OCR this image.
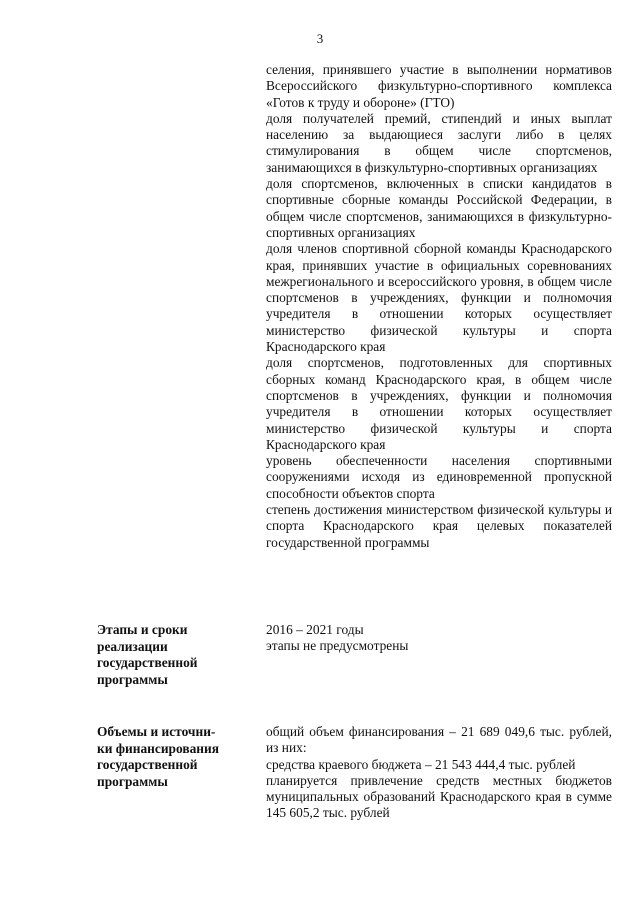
3

селения, принявшего участие в выполнении нормативов Всероссийского физкультурно-спортивного комплекса «Готов к труду и обороне» (ГТО)

доля получателей премий, стипендий и иных выплат населению за выдающиеся заслуги либо в целях стимулирования в общем числе спортсменов, занимающихся в физкультурно-спортивных организациях

доля спортсменов, включенных в списки кандидатов в спортивные сборные команды Российской Федерации, в общем числе спортсменов, занимающихся в физкультурно-спортивных организациях

доля членов спортивной сборной команды Краснодарского края, принявших участие в официальных соревнованиях межрегионального и всероссийского уровня, в общем числе спортсменов в учреждениях, функции и полномочия учредителя в отношении которых осуществляет министерство физической культуры и спорта Краснодарского края

доля спортсменов, подготовленных для спортивных сборных команд Краснодарского края, в общем числе спортсменов в учреждениях, функции и полномочия учредителя в отношении которых осуществляет министерство физической культуры и спорта Краснодарского края

уровень обеспеченности населения спортивными сооружениями исходя из единовременной пропускной способности объектов спорта

степень достижения министерством физической культуры и спорта Краснодарского края целевых показателей государственной программы

Этапы и сроки
реализации
государственной
программы

2016 – 2021 годы

этапы не предусмотрены

Объемы и источни-
ки финансирования
государственной
программы

общий объем финансирования – 21 689 049,6 тыс. рублей, из них:

средства краевого бюджета – 21 543 444,4 тыс. рублей

планируется привлечение средств местных бюджетов муниципальных образований Краснодарского края в сумме 145 605,2 тыс. рублей
